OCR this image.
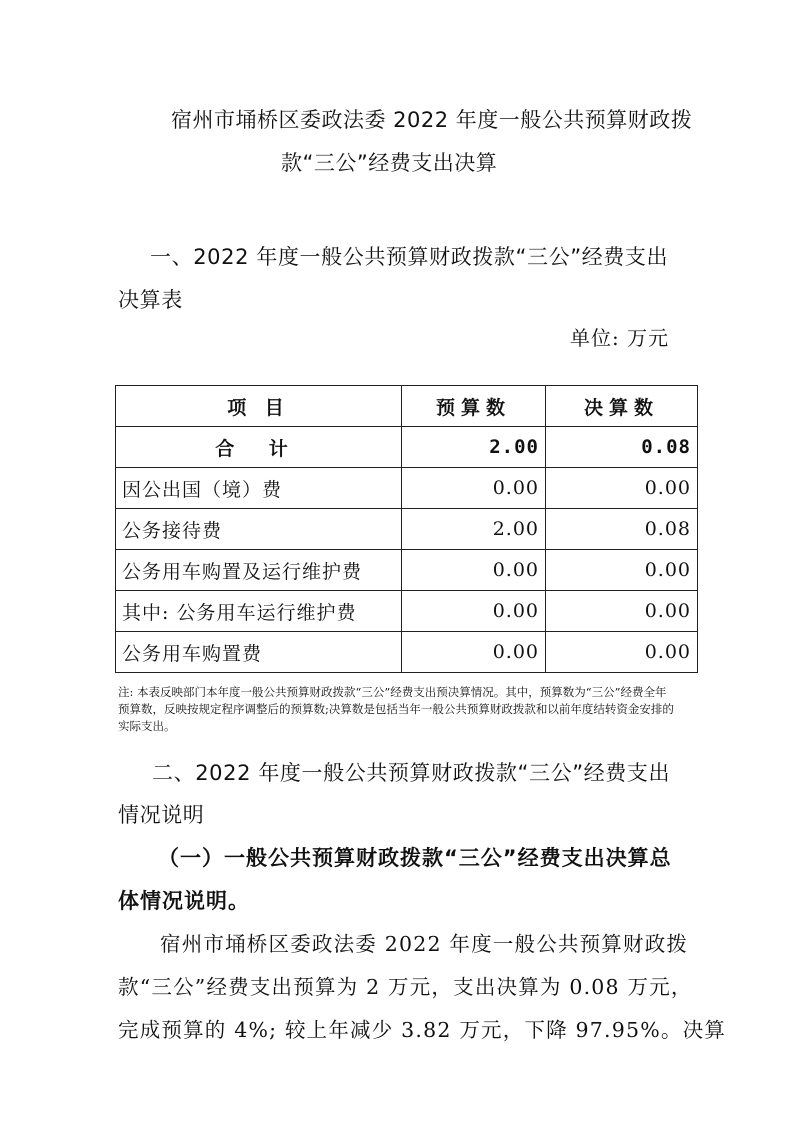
宿州市埇桥区委政法委 2022 年度一般公共预算财政拨
款“三公”经费支出决算
一、2022 年度一般公共预算财政拨款“三公”经费支出
决算表
单位: 万元
项 目	预算数	决算数
合 计	2.00	0.08
因公出国（境）费	0.00	0.00
公务接待费	2.00	0.08
公务用车购置及运行维护费	0.00	0.00
其中: 公务用车运行维护费	0.00	0.00
公务用车购置费	0.00	0.00
注: 本表反映部门本年度一般公共预算财政拨款“三公”经费支出预决算情况。其中，预算数为“三公”经费全年预算数，反映按规定程序调整后的预算数;决算数是包括当年一般公共预算财政拨款和以前年度结转资金安排的实际支出。
二、2022 年度一般公共预算财政拨款“三公”经费支出
情况说明
（一）一般公共预算财政拨款“三公”经费支出决算总
体情况说明。
宿州市埇桥区委政法委 2022 年度一般公共预算财政拨
款“三公”经费支出预算为 2 万元，支出决算为 0.08 万元，
完成预算的 4%; 较上年减少 3.82 万元，下降 97.95%。决算
